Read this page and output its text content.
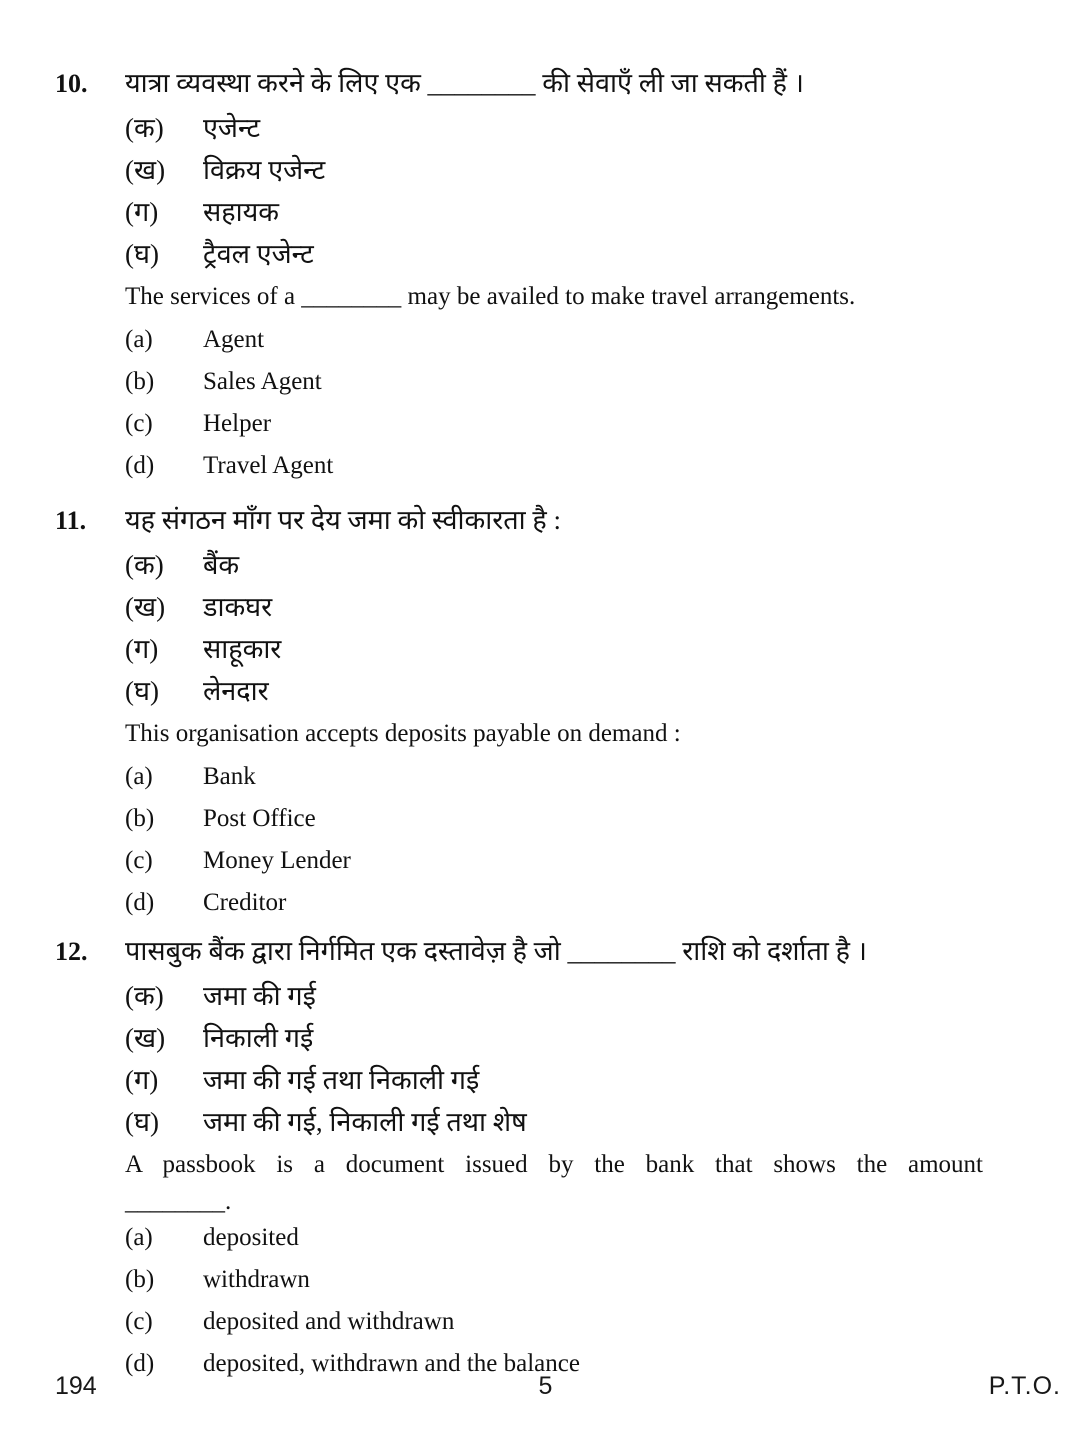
10.	यात्रा व्यवस्था करने के लिए एक ________ की सेवाएँ ली जा सकती हैं ।
(क)	एजेन्ट
(ख)	विक्रय एजेन्ट
(ग)	सहायक
(घ)	ट्रैवल एजेन्ट
The services of a ________ may be availed to make travel arrangements.
(a)	Agent
(b)	Sales Agent
(c)	Helper
(d)	Travel Agent
11.	यह संगठन माँग पर देय जमा को स्वीकारता है :
(क)	बैंक
(ख)	डाकघर
(ग)	साहूकार
(घ)	लेनदार
This organisation accepts deposits payable on demand :
(a)	Bank
(b)	Post Office
(c)	Money Lender
(d)	Creditor
12.	पासबुक बैंक द्वारा निर्गमित एक दस्तावेज़ है जो ________ राशि को दर्शाता है ।
(क)	जमा की गई
(ख)	निकाली गई
(ग)	जमा की गई तथा निकाली गई
(घ)	जमा की गई, निकाली गई तथा शेष
A passbook is a document issued by the bank that shows the amount
________.
(a)	deposited
(b)	withdrawn
(c)	deposited and withdrawn
(d)	deposited, withdrawn and the balance
194	5	P.T.O.
